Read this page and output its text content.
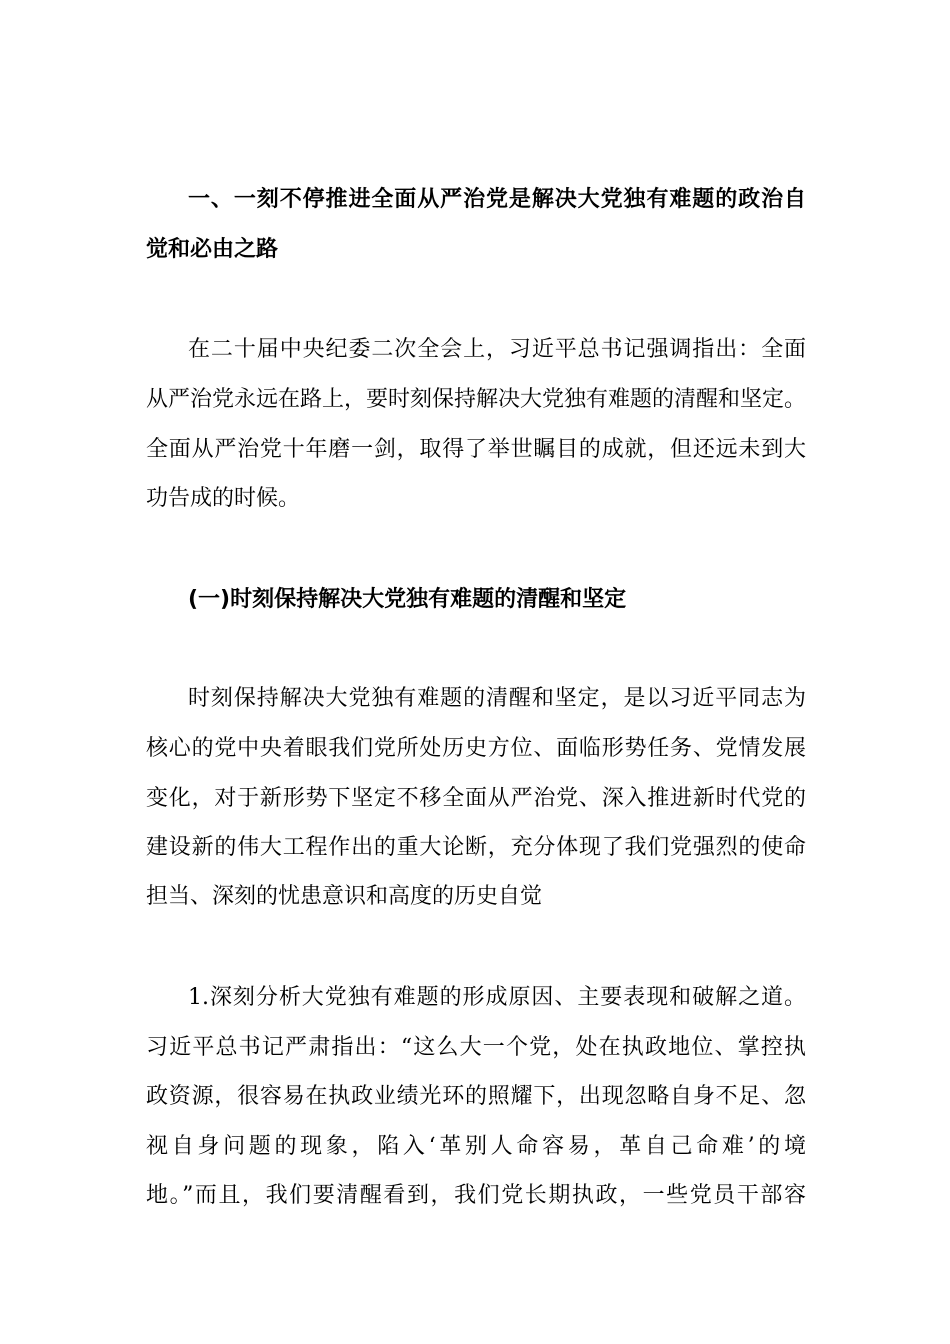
一、一刻不停推进全面从严治党是解决大党独有难题的政治自
觉和必由之路
在二十届中央纪委二次全会上，习近平总书记强调指出：全面
从严治党永远在路上，要时刻保持解决大党独有难题的清醒和坚定。
全面从严治党十年磨一剑，取得了举世瞩目的成就，但还远未到大
功告成的时候。
(一)时刻保持解决大党独有难题的清醒和坚定
时刻保持解决大党独有难题的清醒和坚定，是以习近平同志为
核心的党中央着眼我们党所处历史方位、面临形势任务、党情发展
变化，对于新形势下坚定不移全面从严治党、深入推进新时代党的
建设新的伟大工程作出的重大论断，充分体现了我们党强烈的使命
担当、深刻的忧患意识和高度的历史自觉
1.深刻分析大党独有难题的形成原因、主要表现和破解之道。
习近平总书记严肃指出：“这么大一个党，处在执政地位、掌控执
政资源，很容易在执政业绩光环的照耀下，出现忽略自身不足、忽
视自身问题的现象，陷入‘革别人命容易，革自己命难’的境
地。”而且，我们要清醒看到，我们党长期执政，一些党员干部容
